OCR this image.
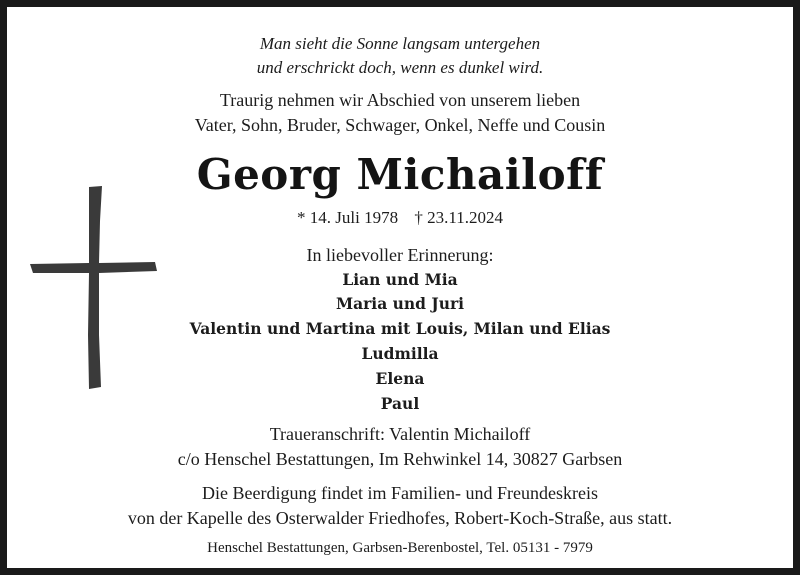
Man sieht die Sonne langsam untergehen
und erschrickt doch, wenn es dunkel wird.
Traurig nehmen wir Abschied von unserem lieben
Vater, Sohn, Bruder, Schwager, Onkel, Neffe und Cousin
Georg Michailoff
* 14. Juli 1978 † 23.11.2024
In liebevoller Erinnerung:
Lian und Mia
Maria und Juri
Valentin und Martina mit Louis, Milan und Elias
Ludmilla
Elena
Paul
Traueranschrift: Valentin Michailoff
c/o Henschel Bestattungen, Im Rehwinkel 14, 30827 Garbsen
Die Beerdigung findet im Familien- und Freundeskreis
von der Kapelle des Osterwalder Friedhofes, Robert-Koch-Straße, aus statt.
Henschel Bestattungen, Garbsen-Berenbostel, Tel. 05131 - 7979
